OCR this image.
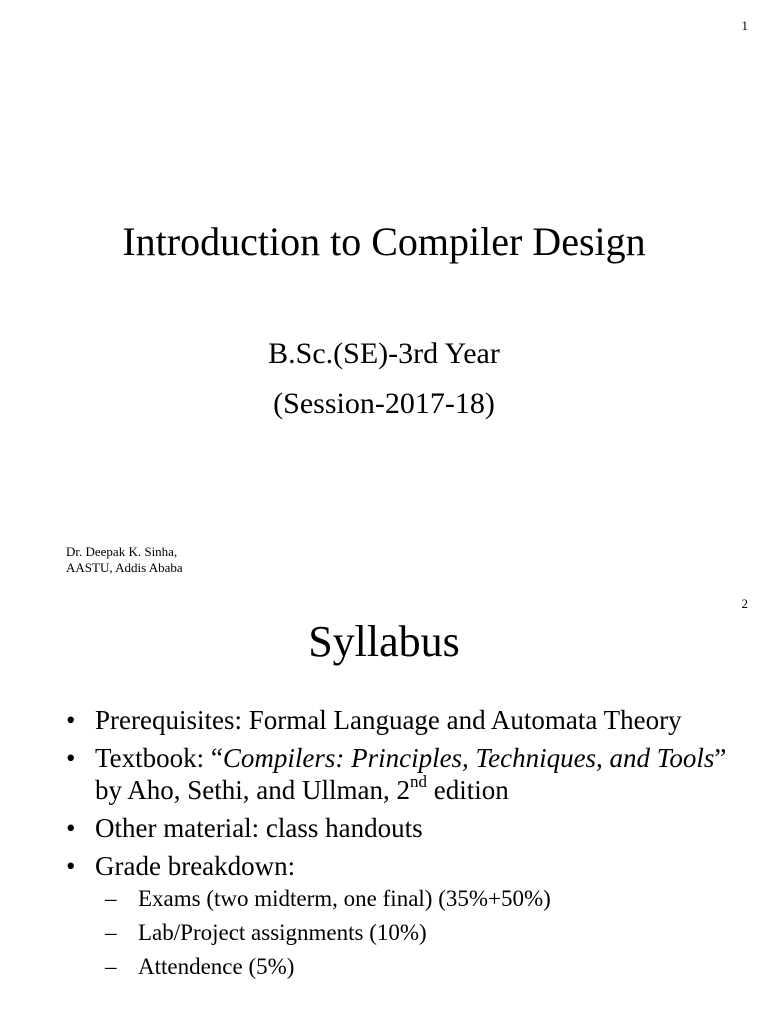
1
Introduction to Compiler Design
B.Sc.(SE)-3rd Year
(Session-2017-18)
Dr. Deepak K. Sinha,
AASTU, Addis Ababa
2
Syllabus
• Prerequisites: Formal Language and Automata Theory
• Textbook: “Compilers: Principles, Techniques, and Tools” by Aho, Sethi, and Ullman, 2nd edition
• Other material: class handouts
• Grade breakdown:
– Exams (two midterm, one final) (35%+50%)
– Lab/Project assignments (10%)
– Attendence (5%)
